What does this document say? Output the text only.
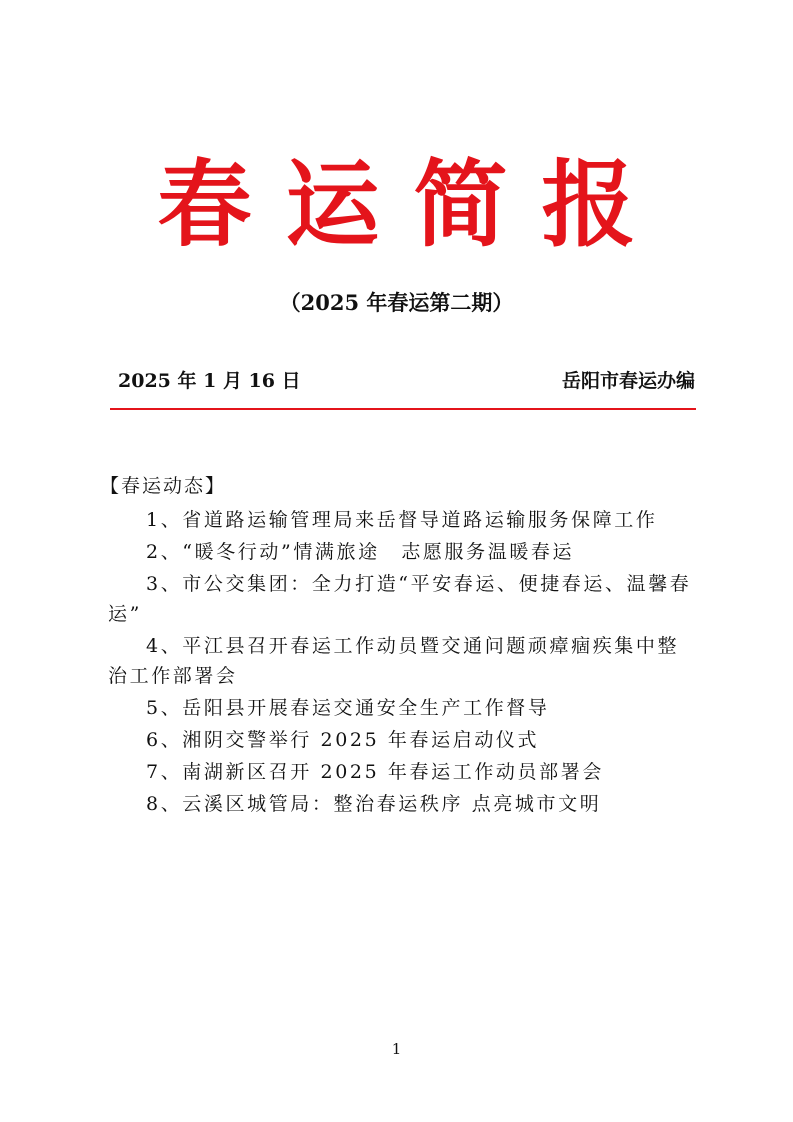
春运简报
（2025 年春运第二期）
2025 年 1 月 16 日	岳阳市春运办编
【春运动态】
1、省道路运输管理局来岳督导道路运输服务保障工作
2、“暖冬行动”情满旅途　志愿服务温暖春运
3、市公交集团：全力打造“平安春运、便捷春运、温馨春运”
4、平江县召开春运工作动员暨交通问题顽瘴痼疾集中整治工作部署会
5、岳阳县开展春运交通安全生产工作督导
6、湘阴交警举行 2025 年春运启动仪式
7、南湖新区召开 2025 年春运工作动员部署会
8、云溪区城管局：整治春运秩序 点亮城市文明
1
